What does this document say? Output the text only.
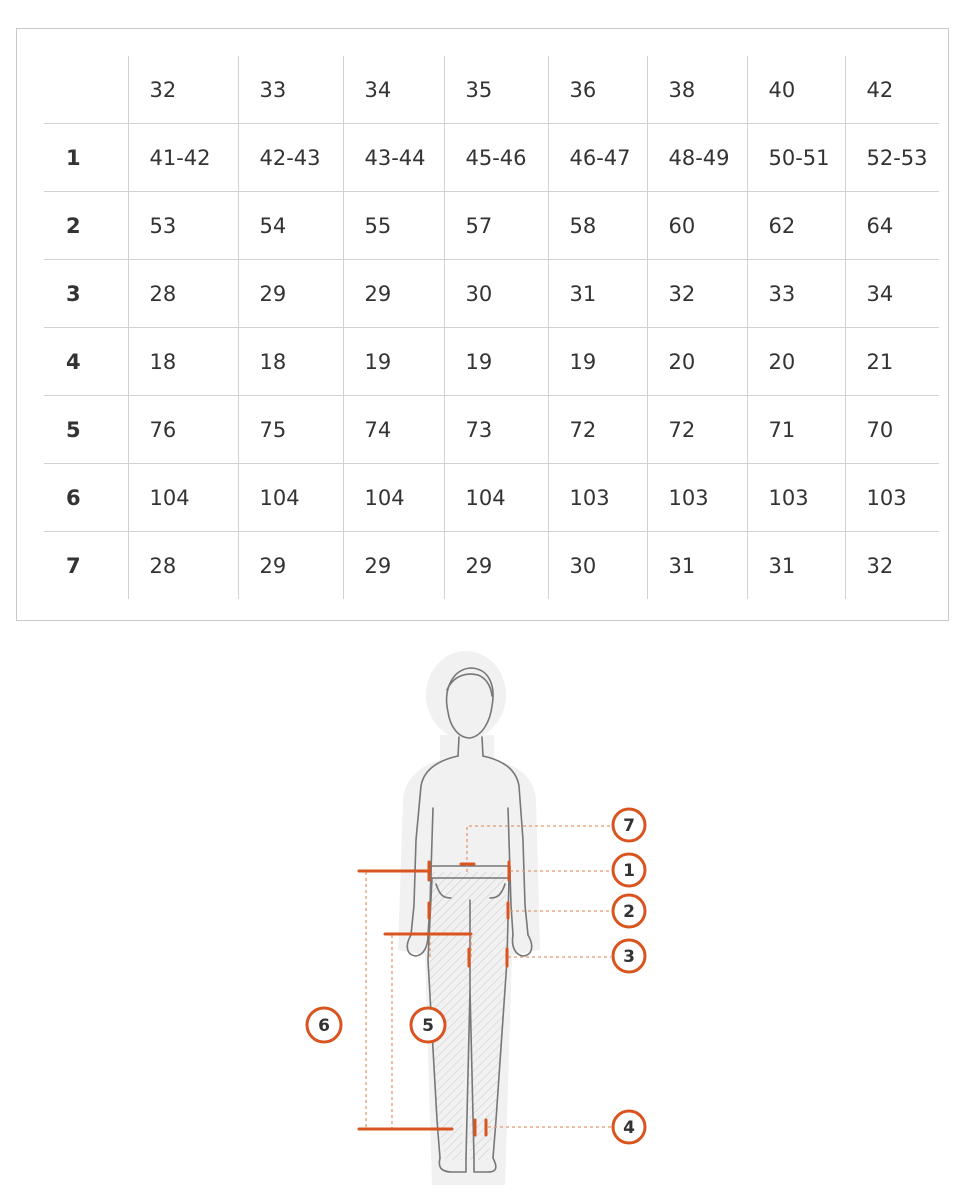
	32	33	34	35	36	38	40	42
1	41-42	42-43	43-44	45-46	46-47	48-49	50-51	52-53
2	53	54	55	57	58	60	62	64
3	28	29	29	30	31	32	33	34
4	18	18	19	19	19	20	20	21
5	76	75	74	73	72	72	71	70
6	104	104	104	104	103	103	103	103
7	28	29	29	29	30	31	31	32
7
1
2
3
4
5
6
